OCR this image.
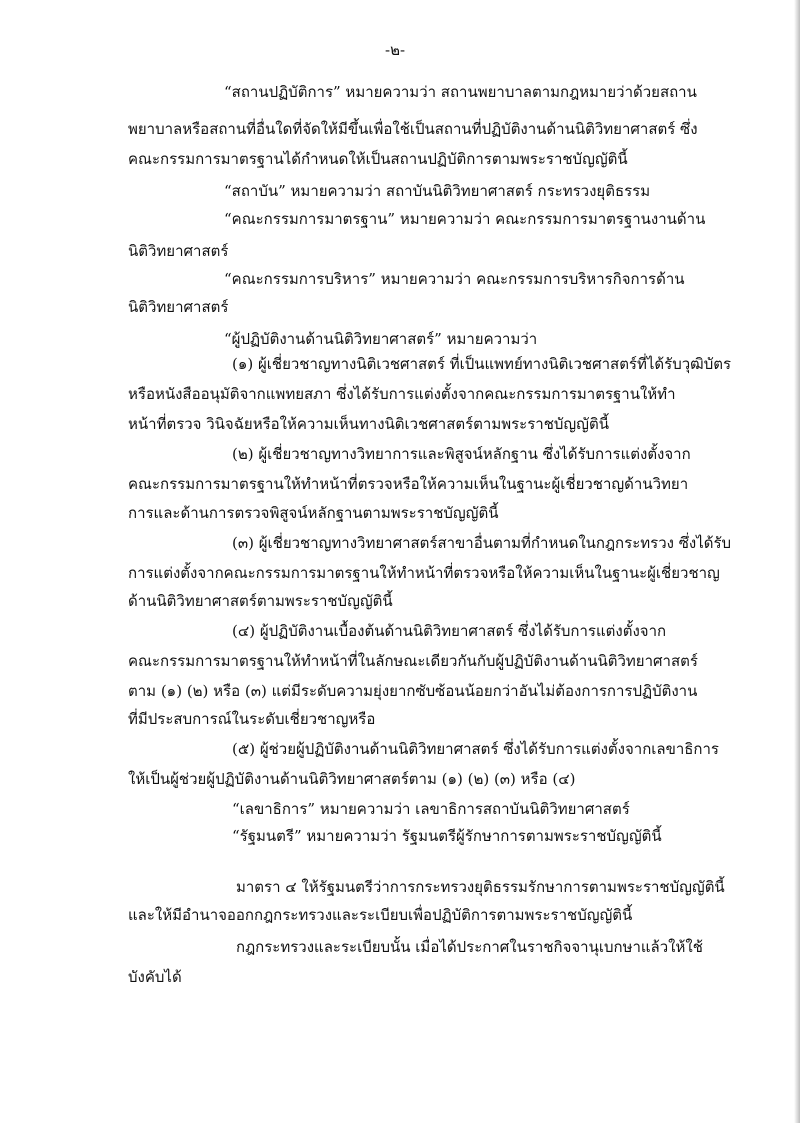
-๒-
“สถานปฏิบัติการ” หมายความว่า สถานพยาบาลตามกฎหมายว่าด้วยสถาน
พยาบาลหรือสถานที่อื่นใดที่จัดให้มีขึ้นเพื่อใช้เป็นสถานที่ปฏิบัติงานด้านนิติวิทยาศาสตร์ ซึ่ง
คณะกรรมการมาตรฐานได้กำหนดให้เป็นสถานปฏิบัติการตามพระราชบัญญัตินี้
“สถาบัน” หมายความว่า สถาบันนิติวิทยาศาสตร์ กระทรวงยุติธรรม
“คณะกรรมการมาตรฐาน” หมายความว่า คณะกรรมการมาตรฐานงานด้าน
นิติวิทยาศาสตร์
“คณะกรรมการบริหาร” หมายความว่า คณะกรรมการบริหารกิจการด้าน
นิติวิทยาศาสตร์
“ผู้ปฏิบัติงานด้านนิติวิทยาศาสตร์” หมายความว่า
(๑) ผู้เชี่ยวชาญทางนิติเวชศาสตร์ ที่เป็นแพทย์ทางนิติเวชศาสตร์ที่ได้รับวุฒิบัตร
หรือหนังสืออนุมัติจากแพทยสภา ซึ่งได้รับการแต่งตั้งจากคณะกรรมการมาตรฐานให้ทำ
หน้าที่ตรวจ วินิจฉัยหรือให้ความเห็นทางนิติเวชศาสตร์ตามพระราชบัญญัตินี้
(๒) ผู้เชี่ยวชาญทางวิทยาการและพิสูจน์หลักฐาน ซึ่งได้รับการแต่งตั้งจาก
คณะกรรมการมาตรฐานให้ทำหน้าที่ตรวจหรือให้ความเห็นในฐานะผู้เชี่ยวชาญด้านวิทยา
การและด้านการตรวจพิสูจน์หลักฐานตามพระราชบัญญัตินี้
(๓) ผู้เชี่ยวชาญทางวิทยาศาสตร์สาขาอื่นตามที่กำหนดในกฎกระทรวง ซึ่งได้รับ
การแต่งตั้งจากคณะกรรมการมาตรฐานให้ทำหน้าที่ตรวจหรือให้ความเห็นในฐานะผู้เชี่ยวชาญ
ด้านนิติวิทยาศาสตร์ตามพระราชบัญญัตินี้
(๔) ผู้ปฏิบัติงานเบื้องต้นด้านนิติวิทยาศาสตร์ ซึ่งได้รับการแต่งตั้งจาก
คณะกรรมการมาตรฐานให้ทำหน้าที่ในลักษณะเดียวกันกับผู้ปฏิบัติงานด้านนิติวิทยาศาสตร์
ตาม (๑) (๒) หรือ (๓) แต่มีระดับความยุ่งยากซับซ้อนน้อยกว่าอันไม่ต้องการการปฏิบัติงาน
ที่มีประสบการณ์ในระดับเชี่ยวชาญหรือ
(๕) ผู้ช่วยผู้ปฏิบัติงานด้านนิติวิทยาศาสตร์ ซึ่งได้รับการแต่งตั้งจากเลขาธิการ
ให้เป็นผู้ช่วยผู้ปฏิบัติงานด้านนิติวิทยาศาสตร์ตาม (๑) (๒) (๓) หรือ (๔)
“เลขาธิการ” หมายความว่า เลขาธิการสถาบันนิติวิทยาศาสตร์
“รัฐมนตรี” หมายความว่า รัฐมนตรีผู้รักษาการตามพระราชบัญญัตินี้
มาตรา ๔ ให้รัฐมนตรีว่าการกระทรวงยุติธรรมรักษาการตามพระราชบัญญัตินี้
และให้มีอำนาจออกกฎกระทรวงและระเบียบเพื่อปฏิบัติการตามพระราชบัญญัตินี้
กฎกระทรวงและระเบียบนั้น เมื่อได้ประกาศในราชกิจจานุเบกษาแล้วให้ใช้
บังคับได้
